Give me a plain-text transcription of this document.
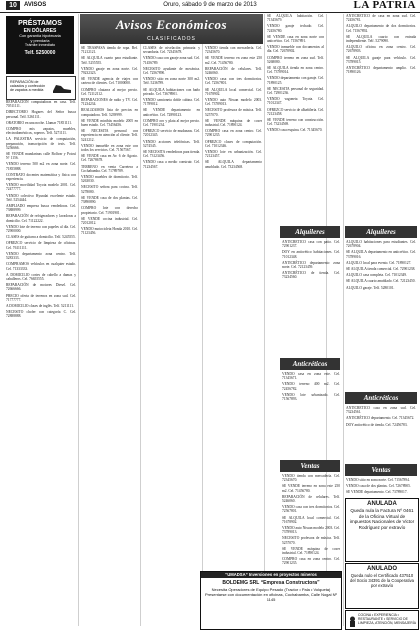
10	AVISOS	Oruro, sábado 9 de marzo de 2013	LA PATRIA
PRÉSTAMOS
EN DÓLARES
Con garantía hipotecaria
y prendaria
Trámite inmediato
Telf. 5250000
REPARACIÓN de calzados y confección de zapatos a medida

REPARACIÓN computadoras en casa. Telf. 70511111.

DIRECTORIO Hogares del Señor busca personal. Telf. 5261111.

ORATORIO en una noche. Llamar 71851111.

COMPRO mis zapatos, muebles, electrodomésticos, roperos. Telf. 5271111.

LA PALESTRA servicio de computación, preparación, transcripción de tesis. Telf. 5256666.

SE VENDE mandarinas calle Bolívar y Potosí Nº 1156.

VENDO terreno 500 m2 en zona norte. Cel. 71855888.

CONTRATO docentes matemática y física con experiencia.

VENDO movilidad Toyota modelo 2001. Cel. 72477777.

VENDO colectivo Hyundai excelente estado. Telf. 5254444.

AMPLIADO empresa busca vendedoras. Cel. 73888999.

REPARACIÓN de refrigeradores y lavadoras a domicilio. Cel. 71122222.

VENDO lote de terreno con papeles al día. Cel. 72900000.

CLASES de guitarra a domicilio. Telf. 5245555.

OFREZCO servicio de limpieza de oficinas. Cel. 76111111.

VENDO departamento zona centro. Telf. 5283333.

COMPRAMOS vehículos en cualquier estado. Cel. 71333333.

A DOMICILIO cortes de cabello a damas y caballeros. Cel. 76655555.

REPARACIÓN de motores Diesel. Cel. 72666666.

PRECIO oferta de terrenos en zona sud. Cel. 71777777.

A DOMICILIO clases de inglés. Telf. 5211111.

NECESITO chofer con categoría C. Cel. 72888888.

Avisos Económicos
CLASIFICADOS

SE TRASPASA tienda de ropa. Ref. 71212121.

SE ALQUILA cuarto para estudiante. Telf. 5255555.

VENDO garaje en zona norte. Cel. 79232323.

SE VENDE agencia de viajes con cartera de clientes. Cel. 71000000.

COMPRO chatarra al mejor precio. Cel. 72112112.

REPARACIONES de radio y TV. Cel. 71234234.

REALIZAMOS lista de precios en computadora. Telf. 5239999.

SE VENDE minibús modelo 2005 en buen estado. Cel. 73456456.

SE NECESITA personal con experiencia en atención al cliente. Telf. 5241212.

VENDO inmueble en zona este con todos los servicios. Cel. 71567567.

SE VENDE casa en Av. 6 de Agosto. Cel. 72678678.

TERRENO en venta Carretera a Cochabamba. Cel. 71789789.

VENDO muebles de dormitorio. Telf. 5263030.

NECESITO señora para cocina. Telf. 5278080.

SE VENDE casa de dos plantas. Cel. 73890890.

COMPRO lote con derecho propietario. Cel. 71901901.

SE VENDE cocina industrial. Cel. 72012012.

VENDO motocicleta Honda 2010. Cel. 71123456.

CLASES de nivelación primaria y secundaria. Cel. 72345678.

VENDO casa con garaje zona sud. Cel. 71456789.

NECESITO ayudante de mecánica. Cel. 72567890.

VENDO sitio en zona norte 300 m2. Telf. 5236789.

SE ALQUILA habitaciones con baño privado. Cel. 73678901.

VENDO camioneta doble cabina. Cel. 71789012.

SE VENDE departamento en anticrético. Cel. 72890123.

COMPRO oro y plata al mejor precio. Cel. 71901234.

OFREZCO servicio de mudanzas. Cel. 72012345.

VENDO acciones telefónicas. Telf. 5274545.

SE NECESITA vendedoras para tienda. Cel. 73123456.

VENDO casa a medio construir. Cel. 71234567.

VENDO tienda con mercadería. Cel. 72345670.

SE VENDE terreno en zona este 250 m2. Cel. 71456780.

REPARACIÓN de celulares. Telf. 5246060.

VENDO casa con tres dormitorios. Cel. 72567801.

SE ALQUILA local comercial. Cel. 71678902.

VENDO auto Nissan modelo 2003. Cel. 73789013.

NECESITO profesora de música. Telf. 5257070.

SE VENDE máquina de coser industrial. Cel. 71890124.

COMPRO casa en zona centro. Cel. 72901235.

OFREZCO clases de computación. Cel. 71012346.

VENDO lote en urbanización. Cel. 72123457.

SE ALQUILA departamento amoblado. Cel. 73234568.

SE ALQUILA habitación. Cel. 71345679.

VENDO garaje techado. Cel. 72456780.

SE VENDE casa en zona norte con anticrético. Cel. 71567891.

VENDO inmueble con documentos al día. Cel. 72678902.

COMPRO terreno en zona sud. Telf. 5268080.

SE ALQUILA tienda en zona centro. Cel. 73789014.

VENDO departamento con garaje. Cel. 71890125.

SE NECESITA personal de seguridad. Cel. 72901236.

VENDO vagoneta Toyota. Cel. 71012347.

OFREZCO servicio de albañilería. Cel. 72123458.

SE VENDE terreno con construcción. Cel. 73234569.

VENDO casa esquina. Cel. 71345670.

Alquileres

ANTICRÉTICO casa con patio. Cel. 72901237.

DOY en anticrético habitaciones. Cel. 71012348.

ANTICRÉTICO departamento zona norte. Cel. 72123459.

ANTICRÉTICO de tienda. Cel. 73234560.

Alquileres

ALQUILO habitaciones para estudiantes. Cel. 72678904.

SE ALQUILA departamento en anticrético. Cel. 73789016.

ALQUILO local para evento. Cel. 71890127.

SE ALQUILA tienda comercial. Cel. 72901238.

ALQUILO casa completa. Cel. 71012349.

SE ALQUILA cuarto amoblado. Cel. 72123450.

ALQUILO garaje. Telf. 5280101.

Anticréticos

ANTICRÉTICO casa en zona sud. Cel. 73234561.

ANTICRÉTICO departamento. Cel. 71345672.

DOY anticrético de tienda. Cel. 72456783.

Ventas

VENDO sitio en zona norte. Cel. 71567894.

VENDO casa de dos plantas. Cel. 72678905.

SE VENDE departamento. Cel. 73789017.

Anticréticos

VENDO casa en zona este. Cel. 71345671.

VENDO terreno 400 m2. Cel. 72456782.

VENDO lote urbanizado. Cel. 71567893.

Ventas

VENDO tienda con mercadería. Cel. 72345670.

SE VENDE terreno en zona este 250 m2. Cel. 71456780.

REPARACIÓN de celulares. Telf. 5246060.

VENDO casa con tres dormitorios. Cel. 72567801.

SE ALQUILA local comercial. Cel. 71678902.

VENDO auto Nissan modelo 2003. Cel. 73789013.

NECESITO profesora de música. Telf. 5257070.

SE VENDE máquina de coser industrial. Cel. 71890124.

COMPRO casa en zona centro. Cel. 72901235.

ANTICRÉTICO de casa en zona sud. Cel. 72456781.

ALQUILO departamento de dos dormitorios. Cel. 71567892.

SE ALQUILA cuarto con entrada independiente. Telf. 5279090.

ALQUILO oficina en zona centro. Cel. 72678903.

SE ALQUILA garaje para vehículo. Cel. 73789015.

ANTICRÉTICO departamento amplio. Cel. 71890126.

“UMADSA” Inversiones en proyectos mineros
BOLDEMG SRL “Empresa Constructora”
Necesita Operadores de Equipo Pesado (Tractor • Pala • Volqueta) Presentarse con documentación en oficinas, Cochabamba, Calle Nogal Nº 1145
ANULADA
Queda nula la Factura Nº 0461 de la Oficina Virtual de impuestos Nacionales de Victor Rodríguez por extravío
ANULADO
Queda nulo el Certificado 437510 del Socio 34391 de la Cooperativa por extravío
COCINA • EXPERIENCIA • RESTAURANTE • SERVICIO DE LIMPIEZA, ATENCIÓN, MENSAJERÍA
